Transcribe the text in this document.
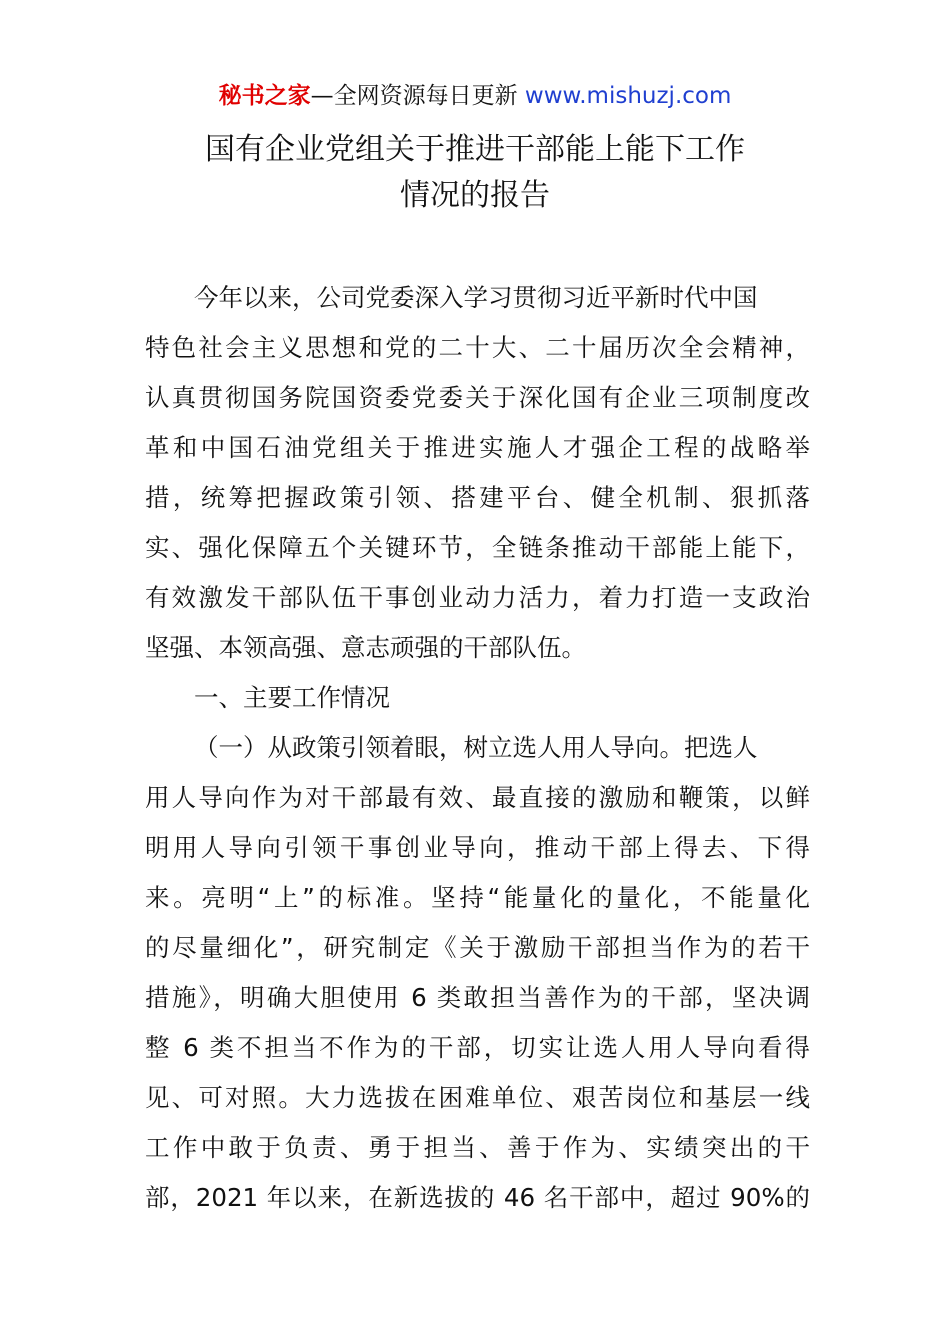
秘书之家—全网资源每日更新 www.mishuzj.com
国有企业党组关于推进干部能上能下工作
情况的报告
今年以来，公司党委深入学习贯彻习近平新时代中国
特色社会主义思想和党的二十大、二十届历次全会精神，
认真贯彻国务院国资委党委关于深化国有企业三项制度改
革和中国石油党组关于推进实施人才强企工程的战略举
措，统筹把握政策引领、搭建平台、健全机制、狠抓落
实、强化保障五个关键环节，全链条推动干部能上能下，
有效激发干部队伍干事创业动力活力，着力打造一支政治
坚强、本领高强、意志顽强的干部队伍。
一、主要工作情况
（一）从政策引领着眼，树立选人用人导向。把选人
用人导向作为对干部最有效、最直接的激励和鞭策，以鲜
明用人导向引领干事创业导向，推动干部上得去、下得
来。亮明“上”的标准。坚持“能量化的量化，不能量化
的尽量细化”，研究制定《关于激励干部担当作为的若干
措施》，明确大胆使用 6 类敢担当善作为的干部，坚决调
整 6 类不担当不作为的干部，切实让选人用人导向看得
见、可对照。大力选拔在困难单位、艰苦岗位和基层一线
工作中敢于负责、勇于担当、善于作为、实绩突出的干
部，2021 年以来，在新选拔的 46 名干部中，超过 90%的
